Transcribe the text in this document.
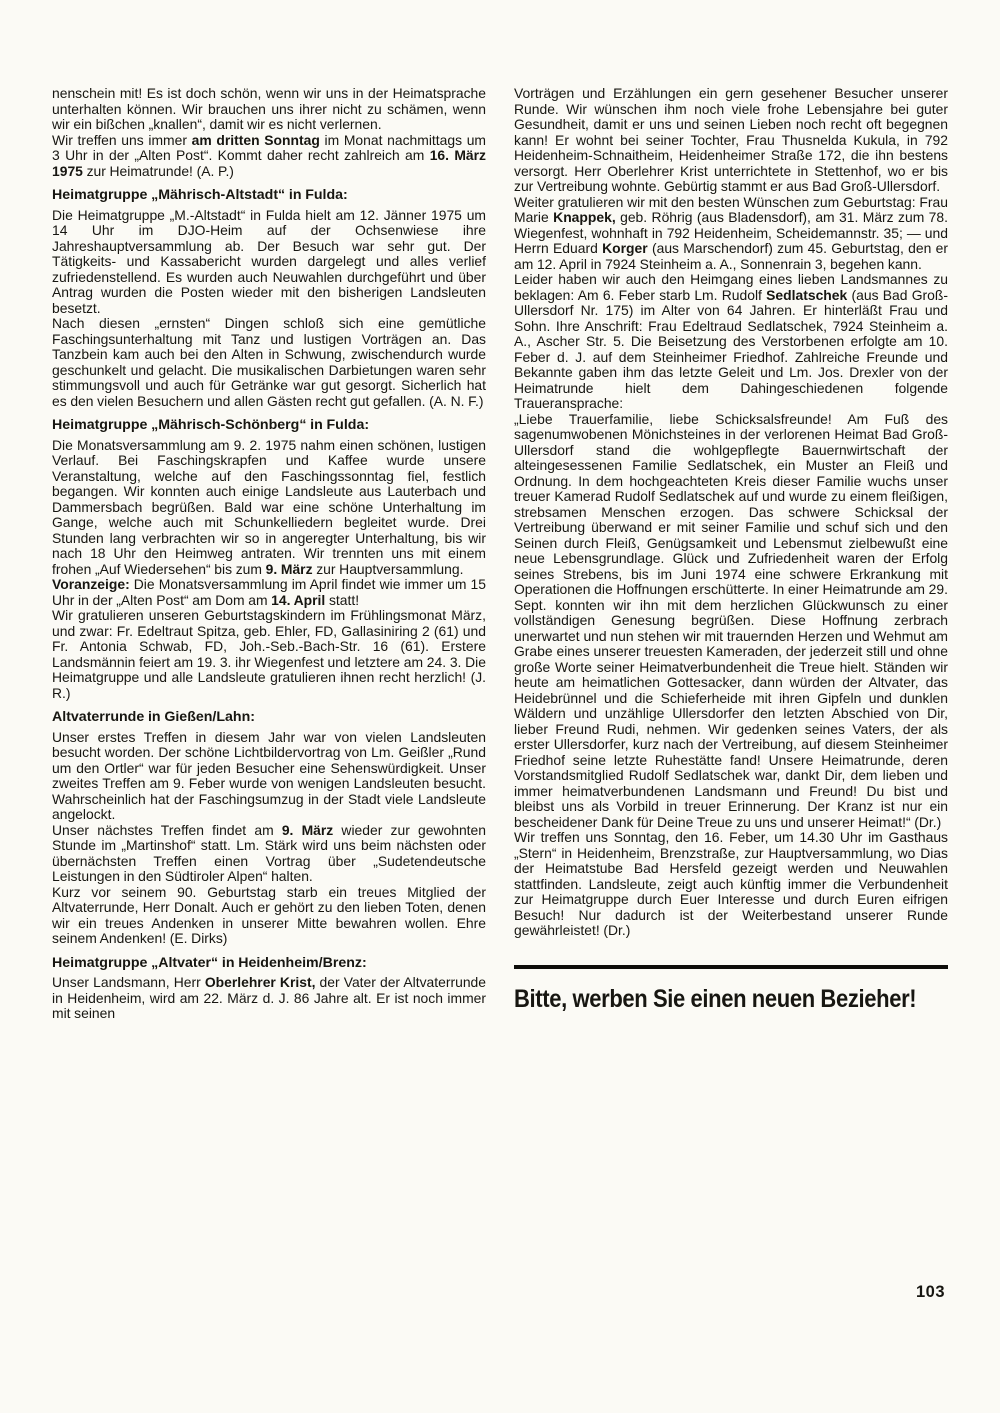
nenschein mit! Es ist doch schön, wenn wir uns in der Heimatsprache unterhalten können. Wir brauchen uns ihrer nicht zu schämen, wenn wir ein bißchen „knallen“, damit wir es nicht verlernen.

Wir treffen uns immer am dritten Sonntag im Monat nachmittags um 3 Uhr in der „Alten Post“. Kommt daher recht zahlreich am 16. März 1975 zur Heimatrunde! (A. P.)

Heimatgruppe „Mährisch-Altstadt“ in Fulda:

Die Heimatgruppe „M.-Altstadt“ in Fulda hielt am 12. Jänner 1975 um 14 Uhr im DJO-Heim auf der Ochsenwiese ihre Jahreshauptversammlung ab. Der Besuch war sehr gut. Der Tätigkeits- und Kassabericht wurden dargelegt und alles verlief zufriedenstellend. Es wurden auch Neuwahlen durchgeführt und über Antrag wurden die Posten wieder mit den bisherigen Landsleuten besetzt.

Nach diesen „ernsten“ Dingen schloß sich eine gemütliche Faschingsunterhaltung mit Tanz und lustigen Vorträgen an. Das Tanzbein kam auch bei den Alten in Schwung, zwischendurch wurde geschunkelt und gelacht. Die musikalischen Darbietungen waren sehr stimmungsvoll und auch für Getränke war gut gesorgt. Sicherlich hat es den vielen Besuchern und allen Gästen recht gut gefallen. (A. N. F.)

Heimatgruppe „Mährisch-Schönberg“ in Fulda:

Die Monatsversammlung am 9. 2. 1975 nahm einen schönen, lustigen Verlauf. Bei Faschingskrapfen und Kaffee wurde unsere Veranstaltung, welche auf den Faschingssonntag fiel, festlich begangen. Wir konnten auch einige Landsleute aus Lauterbach und Dammersbach begrüßen. Bald war eine schöne Unterhaltung im Gange, welche auch mit Schunkelliedern begleitet wurde. Drei Stunden lang verbrachten wir so in angeregter Unterhaltung, bis wir nach 18 Uhr den Heimweg antraten. Wir trennten uns mit einem frohen „Auf Wiedersehen“ bis zum 9. März zur Hauptversammlung.

Voranzeige: Die Monatsversammlung im April findet wie immer um 15 Uhr in der „Alten Post“ am Dom am 14. April statt!

Wir gratulieren unseren Geburtstagskindern im Frühlingsmonat März, und zwar: Fr. Edeltraut Spitza, geb. Ehler, FD, Gallasiniring 2 (61) und Fr. Antonia Schwab, FD, Joh.-Seb.-Bach-Str. 16 (61). Erstere Landsmännin feiert am 19. 3. ihr Wiegenfest und letztere am 24. 3. Die Heimatgruppe und alle Landsleute gratulieren ihnen recht herzlich! (J. R.)

Altvaterrunde in Gießen/Lahn:

Unser erstes Treffen in diesem Jahr war von vielen Landsleuten besucht worden. Der schöne Lichtbildervortrag von Lm. Geißler „Rund um den Ortler“ war für jeden Besucher eine Sehenswürdigkeit. Unser zweites Treffen am 9. Feber wurde von wenigen Landsleuten besucht. Wahrscheinlich hat der Faschingsumzug in der Stadt viele Landsleute angelockt.

Unser nächstes Treffen findet am 9. März wieder zur gewohnten Stunde im „Martinshof“ statt. Lm. Stärk wird uns beim nächsten oder übernächsten Treffen einen Vortrag über „Sudetendeutsche Leistungen in den Südtiroler Alpen“ halten.

Kurz vor seinem 90. Geburtstag starb ein treues Mitglied der Altvaterrunde, Herr Donalt. Auch er gehört zu den lieben Toten, denen wir ein treues Andenken in unserer Mitte bewahren wollen. Ehre seinem Andenken! (E. Dirks)

Heimatgruppe „Altvater“ in Heidenheim/Brenz:

Unser Landsmann, Herr Oberlehrer Krist, der Vater der Altvaterrunde in Heidenheim, wird am 22. März d. J. 86 Jahre alt. Er ist noch immer mit seinen

Vorträgen und Erzählungen ein gern gesehener Besucher unserer Runde. Wir wünschen ihm noch viele frohe Lebensjahre bei guter Gesundheit, damit er uns und seinen Lieben noch recht oft begegnen kann! Er wohnt bei seiner Tochter, Frau Thusnelda Kukula, in 792 Heidenheim-Schnaitheim, Heidenheimer Straße 172, die ihn bestens versorgt. Herr Oberlehrer Krist unterrichtete in Stettenhof, wo er bis zur Vertreibung wohnte. Gebürtig stammt er aus Bad Groß-Ullersdorf.

Weiter gratulieren wir mit den besten Wünschen zum Geburtstag: Frau Marie Knappek, geb. Röhrig (aus Bladensdorf), am 31. März zum 78. Wiegenfest, wohnhaft in 792 Heidenheim, Scheidemannstr. 35; — und Herrn Eduard Korger (aus Marschendorf) zum 45. Geburtstag, den er am 12. April in 7924 Steinheim a. A., Sonnenrain 3, begehen kann.

Leider haben wir auch den Heimgang eines lieben Landsmannes zu beklagen: Am 6. Feber starb Lm. Rudolf Sedlatschek (aus Bad Groß-Ullersdorf Nr. 175) im Alter von 64 Jahren. Er hinterläßt Frau und Sohn. Ihre Anschrift: Frau Edeltraud Sedlatschek, 7924 Steinheim a. A., Ascher Str. 5. Die Beisetzung des Verstorbenen erfolgte am 10. Feber d. J. auf dem Steinheimer Friedhof. Zahlreiche Freunde und Bekannte gaben ihm das letzte Geleit und Lm. Jos. Drexler von der Heimatrunde hielt dem Dahingeschiedenen folgende Traueransprache:

„Liebe Trauerfamilie, liebe Schicksalsfreunde! Am Fuß des sagenumwobenen Mönichsteines in der verlorenen Heimat Bad Groß-Ullersdorf stand die wohlgepflegte Bauernwirtschaft der alteingesessenen Familie Sedlatschek, ein Muster an Fleiß und Ordnung. In dem hochgeachteten Kreis dieser Familie wuchs unser treuer Kamerad Rudolf Sedlatschek auf und wurde zu einem fleißigen, strebsamen Menschen erzogen. Das schwere Schicksal der Vertreibung überwand er mit seiner Familie und schuf sich und den Seinen durch Fleiß, Genügsamkeit und Lebensmut zielbewußt eine neue Lebensgrundlage. Glück und Zufriedenheit waren der Erfolg seines Strebens, bis im Juni 1974 eine schwere Erkrankung mit Operationen die Hoffnungen erschütterte. In einer Heimatrunde am 29. Sept. konnten wir ihn mit dem herzlichen Glückwunsch zu einer vollständigen Genesung begrüßen. Diese Hoffnung zerbrach unerwartet und nun stehen wir mit trauernden Herzen und Wehmut am Grabe eines unserer treuesten Kameraden, der jederzeit still und ohne große Worte seiner Heimatverbundenheit die Treue hielt. Ständen wir heute am heimatlichen Gottesacker, dann würden der Altvater, das Heidebrünnel und die Schieferheide mit ihren Gipfeln und dunklen Wäldern und unzählige Ullersdorfer den letzten Abschied von Dir, lieber Freund Rudi, nehmen. Wir gedenken seines Vaters, der als erster Ullersdorfer, kurz nach der Vertreibung, auf diesem Steinheimer Friedhof seine letzte Ruhestätte fand! Unsere Heimatrunde, deren Vorstandsmitglied Rudolf Sedlatschek war, dankt Dir, dem lieben und immer heimatverbundenen Landsmann und Freund! Du bist und bleibst uns als Vorbild in treuer Erinnerung. Der Kranz ist nur ein bescheidener Dank für Deine Treue zu uns und unserer Heimat!“ (Dr.)

Wir treffen uns Sonntag, den 16. Feber, um 14.30 Uhr im Gasthaus „Stern“ in Heidenheim, Brenzstraße, zur Hauptversammlung, wo Dias der Heimatstube Bad Hersfeld gezeigt werden und Neuwahlen stattfinden. Landsleute, zeigt auch künftig immer die Verbundenheit zur Heimatgruppe durch Euer Interesse und durch Euren eifrigen Besuch! Nur dadurch ist der Weiterbestand unserer Runde gewährleistet! (Dr.)

Bitte, werben Sie einen neuen Bezieher!
103
